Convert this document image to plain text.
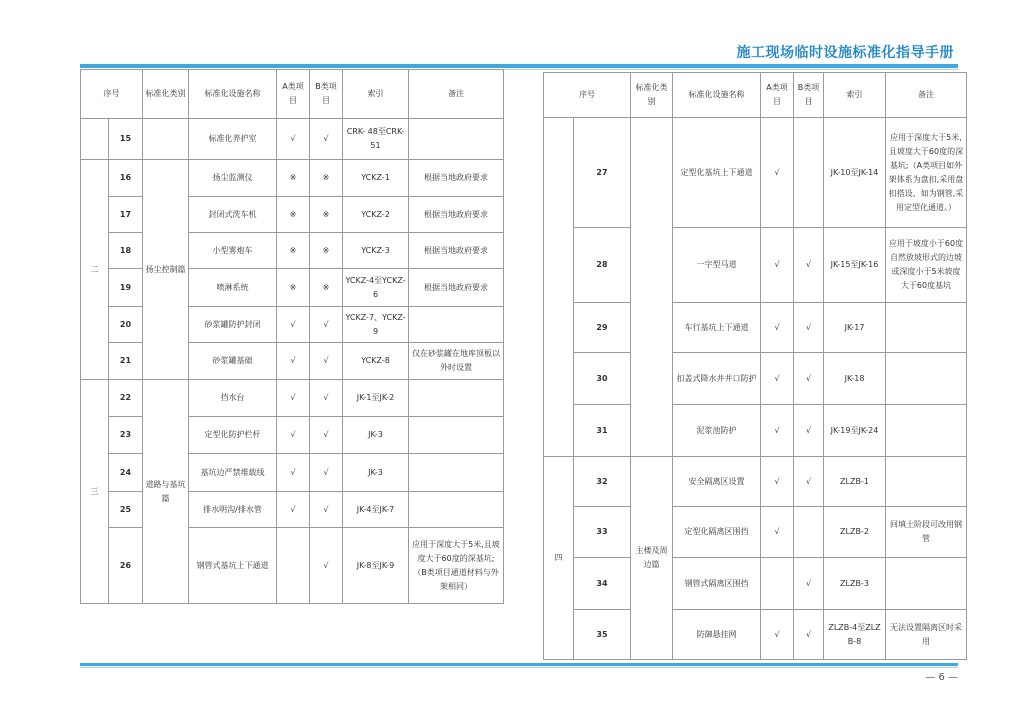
施工现场临时设施标准化指导手册
序号		标准化类别	标准化设施名称	A类项目	B类项目	索引	备注
	15		标准化养护室	√	√	CRK- 48至CRK-51	
二	16	扬尘控制篇	扬尘监测仪	※	※	YCKZ-1	根据当地政府要求
	17		封闭式洗车机	※	※	YCKZ-2	根据当地政府要求
	18		小型雾炮车	※	※	YCKZ-3	根据当地政府要求
	19		喷淋系统	※	※	YCKZ-4至YCKZ-6	根据当地政府要求
	20		砂浆罐防护封闭	√	√	YCKZ-7、YCKZ-9	
	21		砂浆罐基础	√	√	YCKZ-8	仅在砂浆罐在地库顶板以外时设置
三	22	道路与基坑篇	挡水台	√	√	JK-1至JK-2	
	23		定型化防护栏杆	√	√	JK-3	
	24		基坑边严禁堆载线	√	√	JK-3	
	25		排水明沟/排水管	√	√	JK-4至JK-7	
	26		钢管式基坑上下通道		√	JK-8至JK-9	应用于深度大于5米,且坡度大于60度的深基坑;（B类项目通道材料与外架相同）
序号		标准化类别	标准化设施名称	A类项目	B类项目	索引	备注
	27		定型化基坑上下通道	√		JK-10至JK-14	应用于深度大于5米,且坡度大于60度的深基坑;（A类项目如外架体系为盘扣,采用盘扣搭设、如为钢管,采用定型化通道。）
	28		一字型马道	√	√	JK-15至JK-16	应用于坡度小于60度自然放坡形式的边坡或深度小于5米坡度大于60度基坑
	29		车行基坑上下通道	√	√	JK-17	
	30		扣盖式降水井井口防护	√	√	JK-18	
	31		泥浆池防护	√	√	JK-19至JK-24	
四	32	主楼及周边篇	安全隔离区设置	√	√	ZLZB-1	
	33		定型化隔离区围挡	√		ZLZB-2	回填土阶段可改用钢管
	34		钢管式隔离区围挡		√	ZLZB-3	
	35		防御悬挂网	√	√	ZLZB-4至ZLZB-8	无法设置隔离区时采用
— 6 —
